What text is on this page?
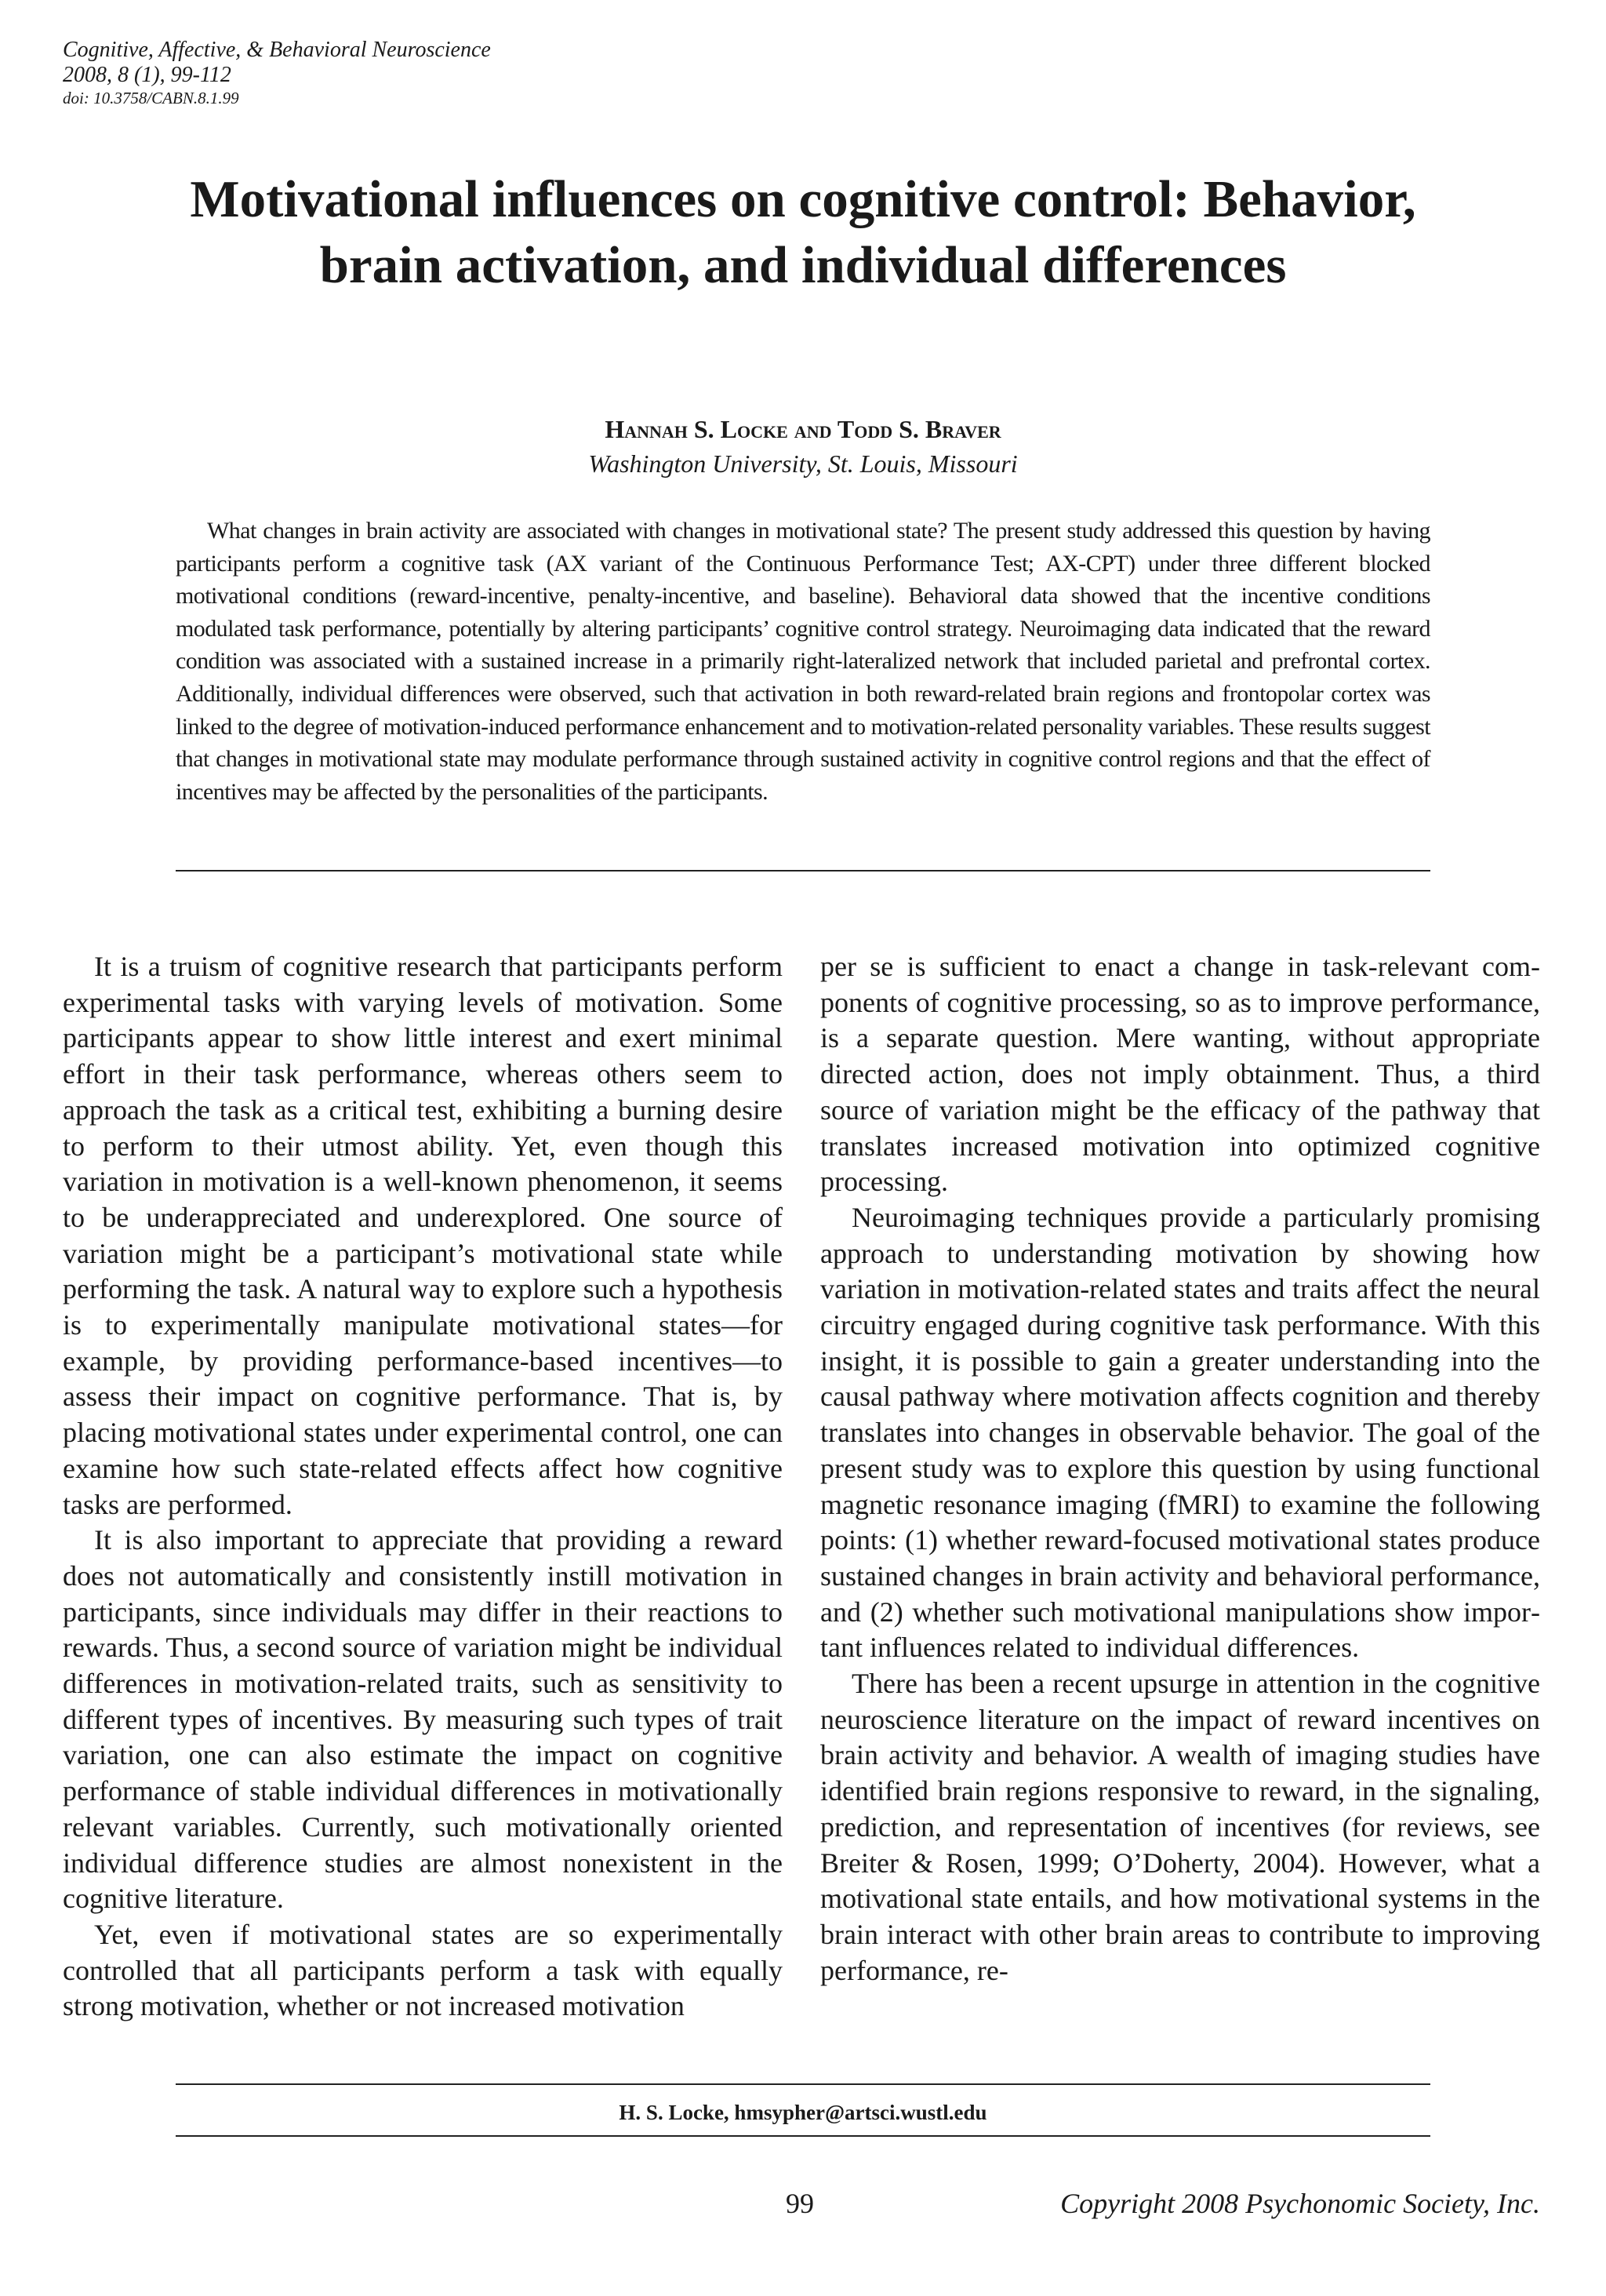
Cognitive, Affective, & Behavioral Neuroscience
2008, 8 (1), 99-112
doi: 10.3758/CABN.8.1.99
Motivational influences on cognitive control: Behavior, brain activation, and individual differences
Hannah S. Locke and Todd S. Braver
Washington University, St. Louis, Missouri

What changes in brain activity are associated with changes in motivational state? The present study addressed this question by having participants perform a cognitive task (AX variant of the Continuous Performance Test; AX-CPT) under three different blocked motivational conditions (reward-incentive, penalty-incentive, and baseline). Behavioral data showed that the incentive conditions modulated task performance, potentially by altering participants’ cognitive control strategy. Neuroimaging data indicated that the reward condition was associated with a sustained increase in a primarily right-lateralized network that included parietal and prefrontal cortex. Additionally, individual differences were observed, such that activation in both reward-related brain regions and frontopolar cortex was linked to the degree of motivation-induced performance enhancement and to motivation-related personality variables. These results suggest that changes in motivational state may modulate performance through sustained activity in cognitive control regions and that the effect of incentives may be affected by the personalities of the participants.

It is a truism of cognitive research that participants perform experimental tasks with varying levels of motivation. Some participants appear to show little interest and exert minimal effort in their task performance, whereas others seem to approach the task as a critical test, exhibiting a burning desire to perform to their utmost ability. Yet, even though this variation in motivation is a well-known phenomenon, it seems to be underappreciated and underexplored. One source of variation might be a participant’s motivational state while performing the task. A natural way to explore such a hypothesis is to experimentally manipulate motivational states—for example, by providing performance-based incentives—to assess their impact on cognitive performance. That is, by placing motivational states under experimental control, one can examine how such state-related effects affect how cognitive tasks are performed.

It is also important to appreciate that providing a reward does not automatically and consistently instill motivation in participants, since individuals may differ in their reactions to rewards. Thus, a second source of variation might be individual differences in motivation-related traits, such as sensitivity to different types of incentives. By measuring such types of trait variation, one can also estimate the impact on cognitive performance of stable individual differences in motivationally relevant variables. Currently, such motivationally oriented individual difference studies are almost nonexistent in the cognitive literature.

Yet, even if motivational states are so experimentally controlled that all participants perform a task with equally strong motivation, whether or not increased motivation

per se is sufficient to enact a change in task-relevant components of cognitive processing, so as to improve performance, is a separate question. Mere wanting, without appropriate directed action, does not imply obtainment. Thus, a third source of variation might be the efficacy of the pathway that translates increased motivation into optimized cognitive processing.

Neuroimaging techniques provide a particularly promising approach to understanding motivation by showing how variation in motivation-related states and traits affect the neural circuitry engaged during cognitive task performance. With this insight, it is possible to gain a greater understanding into the causal pathway where motivation affects cognition and thereby translates into changes in observable behavior. The goal of the present study was to explore this question by using functional magnetic resonance imaging (fMRI) to examine the following points: (1) whether reward-focused motivational states produce sustained changes in brain activity and behavioral performance, and (2) whether such motivational manipulations show important influences related to individual differences.

There has been a recent upsurge in attention in the cognitive neuroscience literature on the impact of reward incentives on brain activity and behavior. A wealth of imaging studies have identified brain regions responsive to reward, in the signaling, prediction, and representation of incentives (for reviews, see Breiter & Rosen, 1999; O’Doherty, 2004). However, what a motivational state entails, and how motivational systems in the brain interact with other brain areas to contribute to improving performance, re-

H. S. Locke, hmsypher@artsci.wustl.edu
99	Copyright 2008 Psychonomic Society, Inc.
